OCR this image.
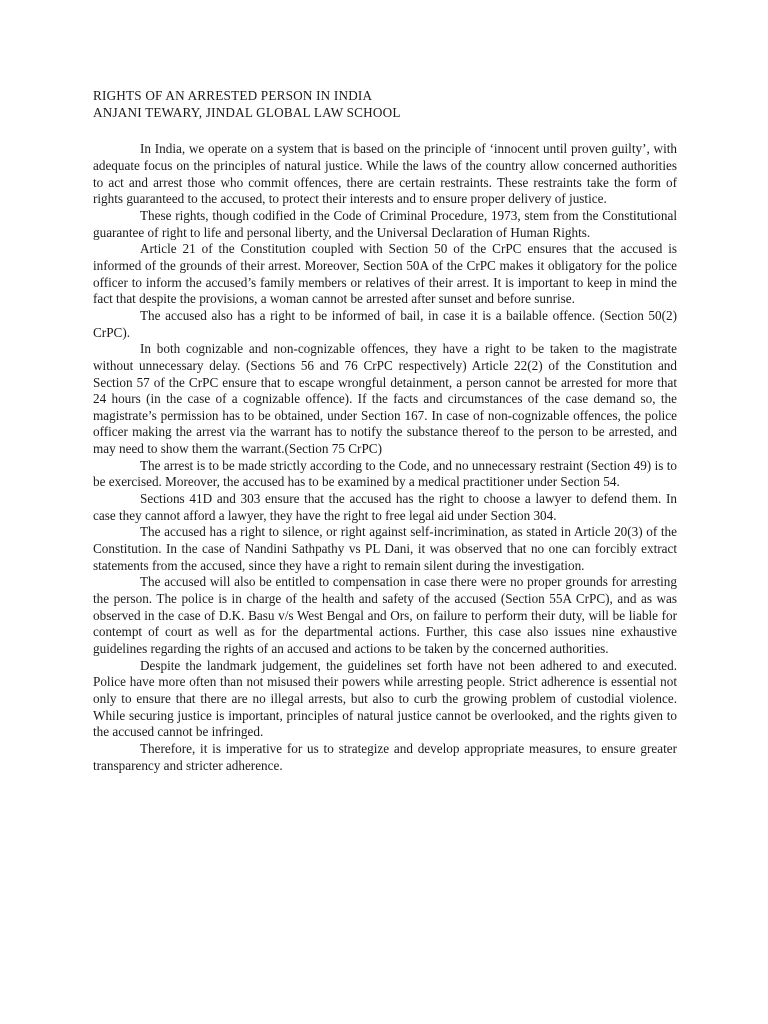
RIGHTS OF AN ARRESTED PERSON IN INDIA

ANJANI TEWARY, JINDAL GLOBAL LAW SCHOOL

In India, we operate on a system that is based on the principle of ‘innocent until proven guilty’, with adequate focus on the principles of natural justice. While the laws of the country allow concerned authorities to act and arrest those who commit offences, there are certain restraints. These restraints take the form of rights guaranteed to the accused, to protect their interests and to ensure proper delivery of justice.

These rights, though codified in the Code of Criminal Procedure, 1973, stem from the Constitutional guarantee of right to life and personal liberty, and the Universal Declaration of Human Rights.

Article 21 of the Constitution coupled with Section 50 of the CrPC ensures that the accused is informed of the grounds of their arrest. Moreover, Section 50A of the CrPC makes it obligatory for the police officer to inform the accused’s family members or relatives of their arrest. It is important to keep in mind the fact that despite the provisions, a woman cannot be arrested after sunset and before sunrise.

The accused also has a right to be informed of bail, in case it is a bailable offence. (Section 50(2) CrPC).

In both cognizable and non-cognizable offences, they have a right to be taken to the magistrate without unnecessary delay. (Sections 56 and 76 CrPC respectively) Article 22(2) of the Constitution and Section 57 of the CrPC ensure that to escape wrongful detainment, a person cannot be arrested for more that 24 hours (in the case of a cognizable offence). If the facts and circumstances of the case demand so, the magistrate’s permission has to be obtained, under Section 167. In case of non-cognizable offences, the police officer making the arrest via the warrant has to notify the substance thereof to the person to be arrested, and may need to show them the warrant.(Section 75 CrPC)

The arrest is to be made strictly according to the Code, and no unnecessary restraint (Section 49) is to be exercised. Moreover, the accused has to be examined by a medical practitioner under Section 54.

Sections 41D and 303 ensure that the accused has the right to choose a lawyer to defend them. In case they cannot afford a lawyer, they have the right to free legal aid under Section 304.

The accused has a right to silence, or right against self-incrimination, as stated in Article 20(3) of the Constitution. In the case of Nandini Sathpathy vs PL Dani, it was observed that no one can forcibly extract statements from the accused, since they have a right to remain silent during the investigation.

The accused will also be entitled to compensation in case there were no proper grounds for arresting the person. The police is in charge of the health and safety of the accused (Section 55A CrPC), and as was observed in the case of D.K. Basu v/s West Bengal and Ors, on failure to perform their duty, will be liable for contempt of court as well as for the departmental actions. Further, this case also issues nine exhaustive guidelines regarding the rights of an accused and actions to be taken by the concerned authorities.

Despite the landmark judgement, the guidelines set forth have not been adhered to and executed. Police have more often than not misused their powers while arresting people. Strict adherence is essential not only to ensure that there are no illegal arrests, but also to curb the growing problem of custodial violence. While securing justice is important, principles of natural justice cannot be overlooked, and the rights given to the accused cannot be infringed.

Therefore, it is imperative for us to strategize and develop appropriate measures, to ensure greater transparency and stricter adherence.
